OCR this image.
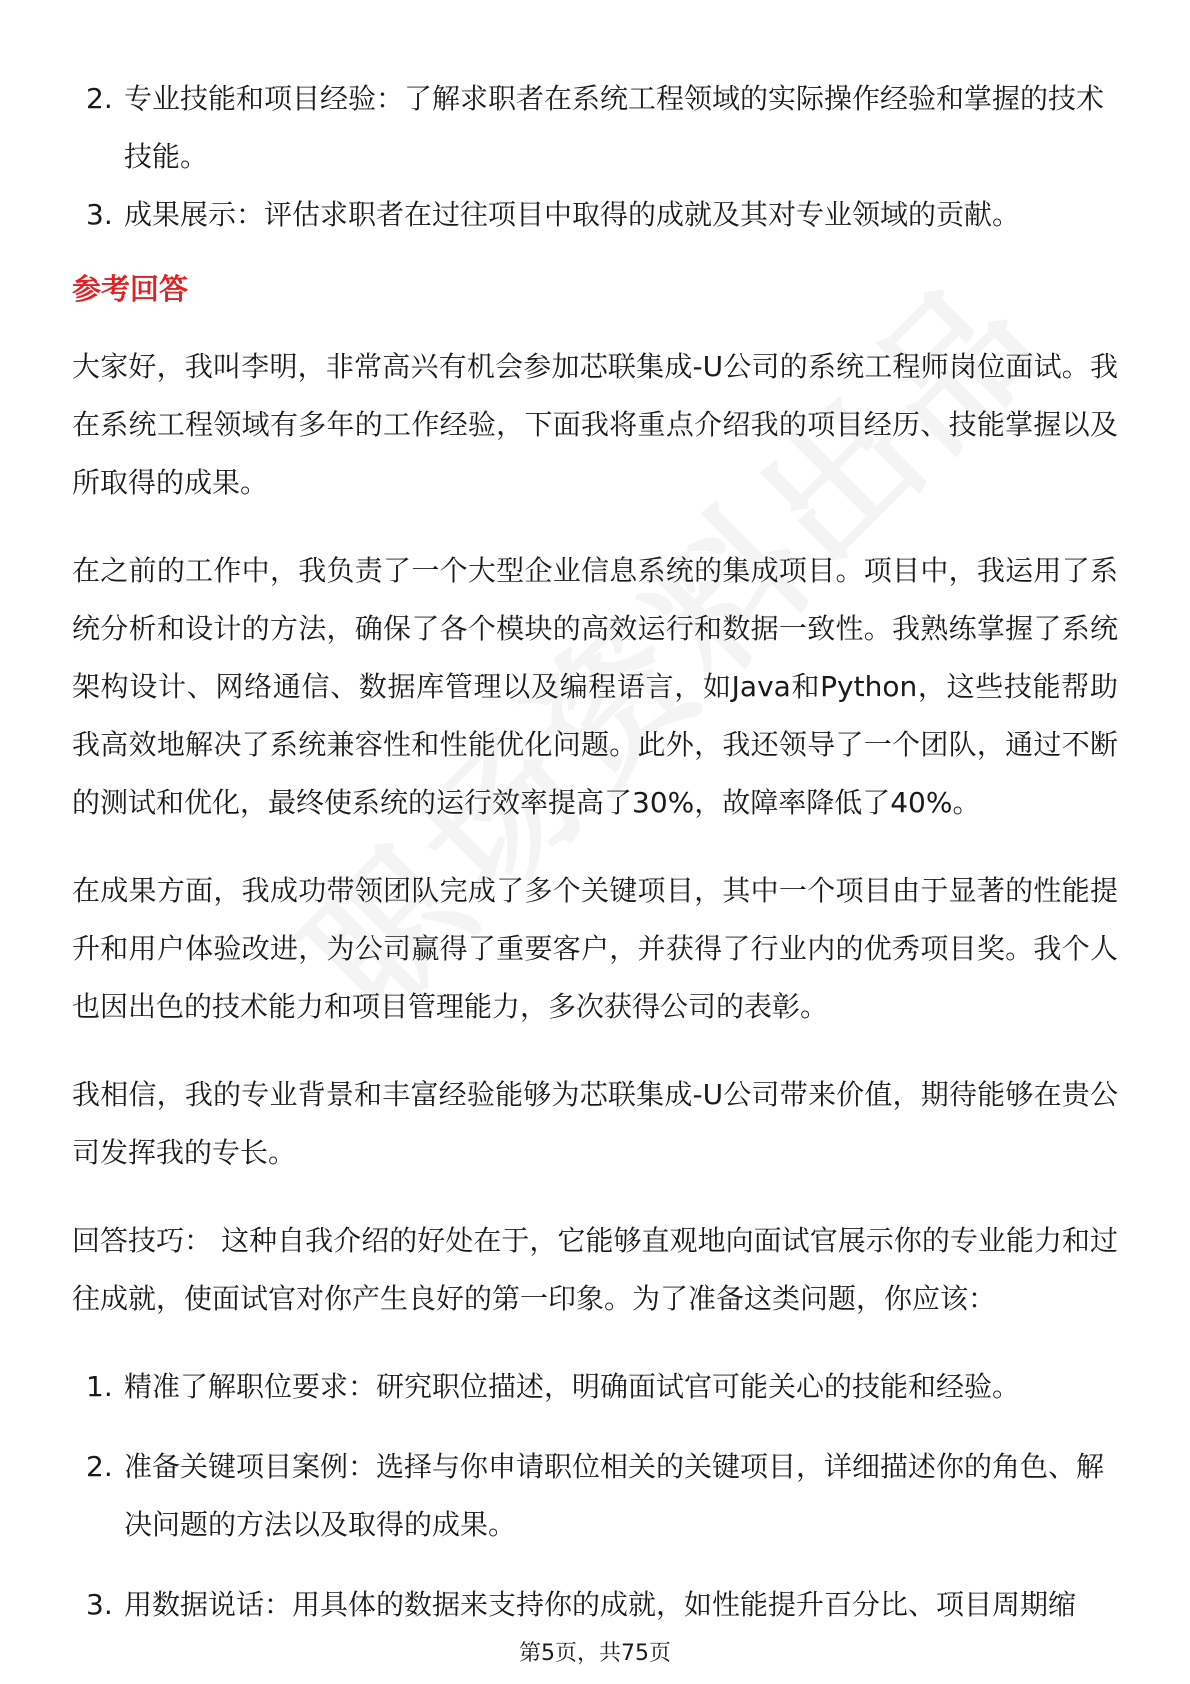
2. 专业技能和项目经验：了解求职者在系统工程领域的实际操作经验和掌握的技术技能。
3. 成果展示：评估求职者在过往项目中取得的成就及其对专业领域的贡献。
参考回答

大家好，我叫李明，非常高兴有机会参加芯联集成-U公司的系统工程师岗位面试。我在系统工程领域有多年的工作经验，下面我将重点介绍我的项目经历、技能掌握以及所取得的成果。

在之前的工作中，我负责了一个大型企业信息系统的集成项目。项目中，我运用了系统分析和设计的方法，确保了各个模块的高效运行和数据一致性。我熟练掌握了系统架构设计、网络通信、数据库管理以及编程语言，如Java和Python，这些技能帮助我高效地解决了系统兼容性和性能优化问题。此外，我还领导了一个团队，通过不断的测试和优化，最终使系统的运行效率提高了30%，故障率降低了40%。

在成果方面，我成功带领团队完成了多个关键项目，其中一个项目由于显著的性能提升和用户体验改进，为公司赢得了重要客户，并获得了行业内的优秀项目奖。我个人也因出色的技术能力和项目管理能力，多次获得公司的表彰。

我相信，我的专业背景和丰富经验能够为芯联集成-U公司带来价值，期待能够在贵公司发挥我的专长。

回答技巧： 这种自我介绍的好处在于，它能够直观地向面试官展示你的专业能力和过往成就，使面试官对你产生良好的第一印象。为了准备这类问题，你应该：

1. 精准了解职位要求：研究职位描述，明确面试官可能关心的技能和经验。
2. 准备关键项目案例：选择与你申请职位相关的关键项目，详细描述你的角色、解决问题的方法以及取得的成果。
3. 用数据说话：用具体的数据来支持你的成就，如性能提升百分比、项目周期缩
第5页，共75页
